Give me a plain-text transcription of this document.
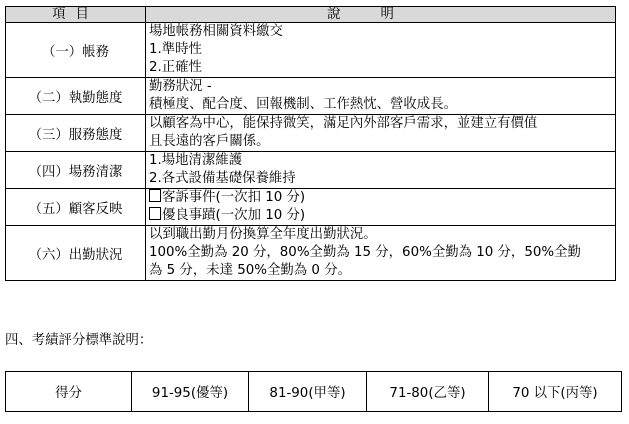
項目	說明
（一）帳務	場地帳務相關資料繳交
1.準時性
2.正確性

（二）執勤態度	勤務狀況 -
積極度、配合度、回報機制、工作熱忱、營收成長。

（三）服務態度	以顧客為中心，能保持微笑，滿足內外部客戶需求，並建立有價值
且長遠的客戶關係。

（四）場務清潔	1.場地清潔維護
2.各式設備基礎保養維持

（五）顧客反映	客訴事件(一次扣 10 分)
優良事蹟(一次加 10 分)

（六）出勤狀況	以到職出勤月份換算全年度出勤狀況。
100%全勤為 20 分，80%全勤為 15 分，60%全勤為 10 分，50%全勤
為 5 分，未達 50%全勤為 0 分。
四、考績評分標準說明：
得分	91-95(優等)	81-90(甲等)	71-80(乙等)	70 以下(丙等)
